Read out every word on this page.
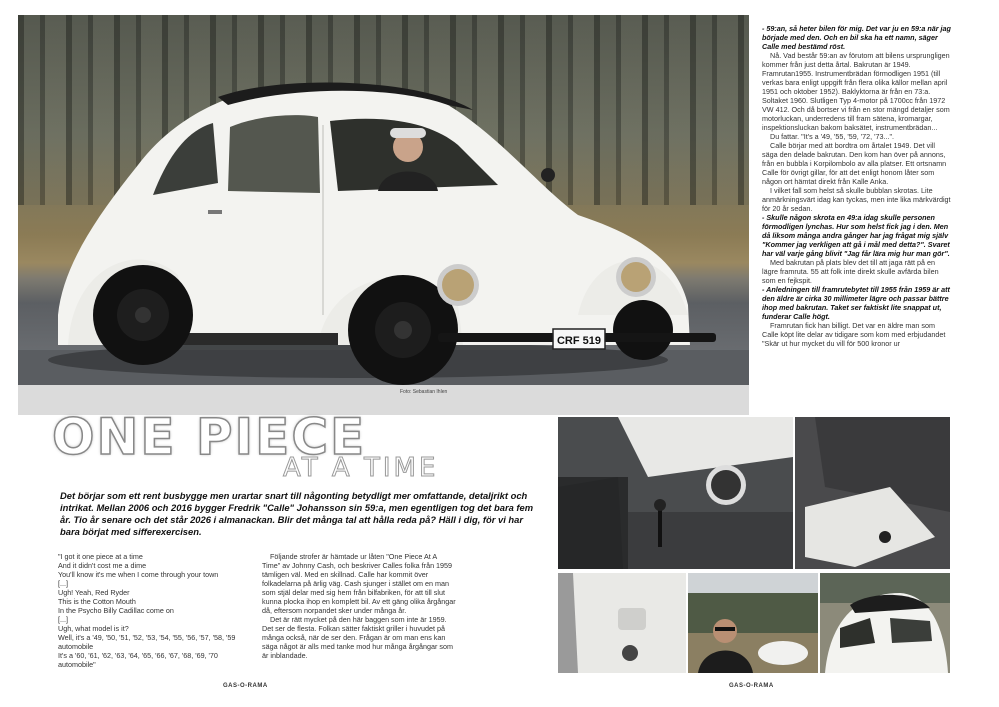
CRF 519
Foto: Sebastian Ihlen
ONE PIECE
AT A TIME
Det börjar som ett rent busbygge men urartar snart till någonting betydligt mer omfattande, detaljrikt och intrikat. Mellan 2006 och 2016 bygger Fredrik "Calle" Johansson sin 59:a, men egentligen tog det bara fem år. Tio år senare och det står 2026 i almanackan. Blir det många tal att hålla reda på? Häll i dig, för vi har bara börjat med sifferexercisen.

"I got it one piece at a time

And it didn't cost me a dime

You'll know it's me when I come through your town

[...]

Ugh! Yeah, Red Ryder

This is the Cotton Mouth

In the Psycho Billy Cadillac come on

[...]

Ugh, what model is it?

Well, it's a '49, '50, '51, '52, '53, '54, '55, '56, '57, '58, '59 automobile

It's a '60, '61, '62, '63, '64, '65, '66, '67, '68, '69, '70 automobile"

Följande strofer är hämtade ur låten "One Piece At A Time" av Johnny Cash, och beskriver Calles folka från 1959 tämligen väl. Med en skillnad. Calle har kommit över folkadelarna på ärlig väg. Cash sjunger i stället om en man som stjäl delar med sig hem från bilfabriken, för att till slut kunna plocka ihop en komplett bil. Av ett gäng olika årgångar då, eftersom norpandet sker under många år.

Det är rätt mycket på den här baggen som inte är 1959. Det ser de flesta. Folkan sätter faktiskt griller i huvudet på många också, när de ser den. Frågan är om man ens kan säga något är alls med tanke mod hur många årgångar som är inblandade.

- 59:an, så heter bilen för mig. Det var ju en 59:a när jag började med den. Och en bil ska ha ett namn, säger Calle med bestämd röst.

Nå. Vad består 59:an av förutom att bilens ursprungligen kommer från just detta årtal. Bakrutan är 1949. Framrutan1955. Instrumentbrädan förmodligen 1951 (till verkas bara enligt uppgift från flera olika källor mellan april 1951 och oktober 1952). Baklyktorna är från en 73:a. Soltaket 1960. Slutligen Typ 4-motor på 1700cc från 1972 VW 412. Och då bortser vi från en stor mängd detaljer som motorluckan, underredens till fram sätena, kromargar, inspektionsluckan bakom baksätet, instrumentbrädan...

Du fattar. "It's a '49, '55, '59, '72, '73...".

Calle börjar med att bordtra om årtalet 1949. Det vill säga den delade bakrutan. Den kom han över på annons, från en bubbla i Korpilombolo av alla platser. Ett ortsnamn Calle för övrigt gillar, för att det enligt honom låter som någon ort hämtat direkt från Kalle Anka.

I vilket fall som helst så skulle bubblan skrotas. Lite anmärkningsvärt idag kan tyckas, men inte lika märkvärdigt för 20 år sedan.

- Skulle någon skrota en 49:a idag skulle personen förmodligen lynchas. Hur som helst fick jag i den. Men då liksom många andra gånger har jag frågat mig själv "Kommer jag verkligen att gå i mål med detta?". Svaret har väl varje gång blivit "Jag får lära mig hur man gör".

Med bakrutan på plats blev det till att jaga rätt på en lägre framruta. 55 att folk inte direkt skulle avfärda bilen som en fejkspit.

- Anledningen till framrutebytet till 1955 från 1959 är att den äldre är cirka 30 millimeter lägre och passar bättre ihop med bakrutan. Taket ser faktiskt lite snappat ut, funderar Calle högt.

Framrutan fick han billigt. Det var en äldre man som Calle köpt lite delar av tidigare som kom med erbjudandet "Skär ut hur mycket du vill för 500 kronor ur

GAS-O-RAMA	GAS-O-RAMA
